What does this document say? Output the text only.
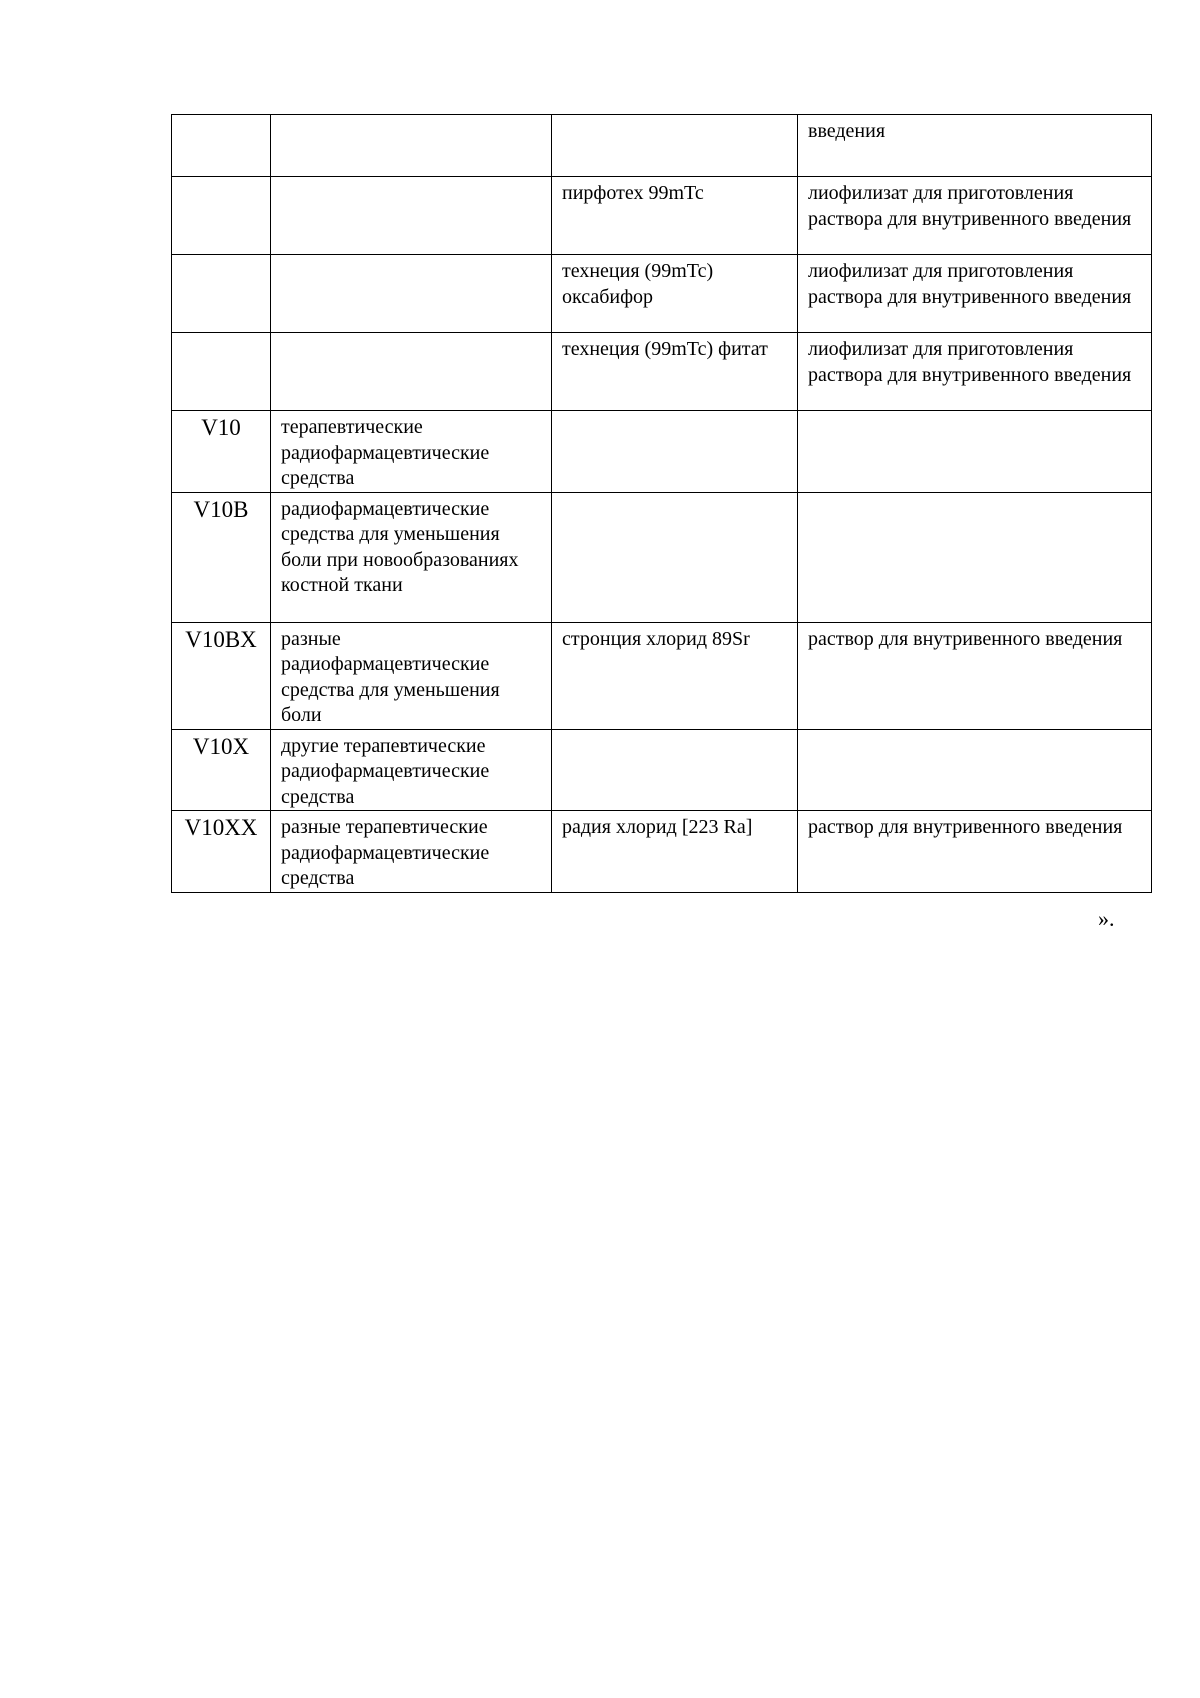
			введения
		пирфотех 99mTc	лиофилизат для приготовления раствора для внутривенного введения
		технеция (99mTc) оксабифор	лиофилизат для приготовления раствора для внутривенного введения
		технеция (99mTc) фитат	лиофилизат для приготовления раствора для внутривенного введения
V10	терапевтические радиофармацевтические средства		
V10B	радиофармацевтические средства для уменьшения боли при новообразованиях костной ткани		
V10BX	разные радиофармацевтические средства для уменьшения боли	стронция хлорид 89Sr	раствор для внутривенного введения
V10X	другие терапевтические радиофармацевтические средства		
V10XX	разные терапевтические радиофармацевтические средства	радия хлорид [223 Ra]	раствор для внутривенного введения
».
